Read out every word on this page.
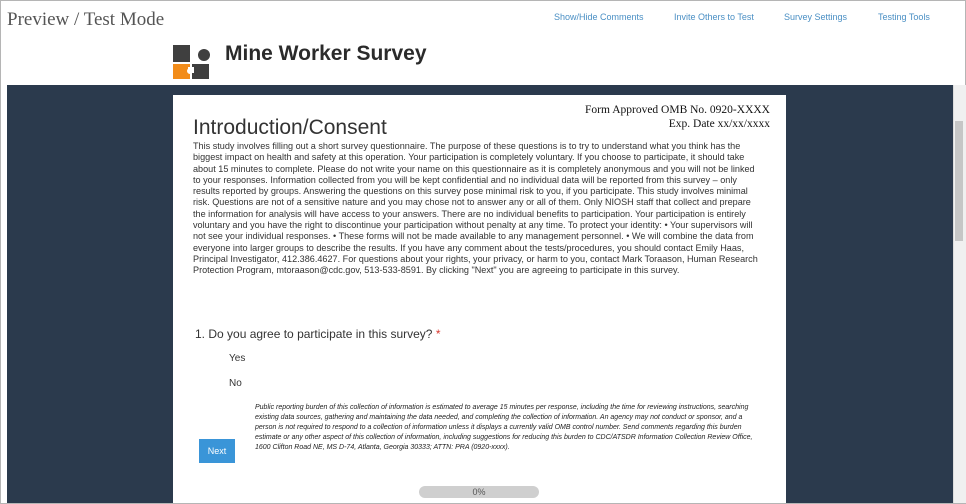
Preview / Test Mode	Show/Hide Comments	Invite Others to Test	Survey Settings	Testing Tools
Mine Worker Survey
Form Approved OMB No. 0920-XXXX
Exp. Date xx/xx/xxxx
Introduction/Consent
This study involves filling out a short survey questionnaire. The purpose of these questions is to try to understand what you think has the biggest impact on health and safety at this operation. Your participation is completely voluntary. If you choose to participate, it should take about 15 minutes to complete. Please do not write your name on this questionnaire as it is completely anonymous and you will not be linked to your responses. Information collected from you will be kept confidential and no individual data will be reported from this survey – only results reported by groups. Answering the questions on this survey pose minimal risk to you, if you participate. This study involves minimal risk. Questions are not of a sensitive nature and you may chose not to answer any or all of them. Only NIOSH staff that collect and prepare the information for analysis will have access to your answers. There are no individual benefits to participation. Your participation is entirely voluntary and you have the right to discontinue your participation without penalty at any time. To protect your identity: • Your supervisors will not see your individual responses. • These forms will not be made available to any management personnel. • We will combine the data from everyone into larger groups to describe the results. If you have any comment about the tests/procedures, you should contact Emily Haas, Principal Investigator, 412.386.4627. For questions about your rights, your privacy, or harm to you, contact Mark Toraason, Human Research Protection Program, mtoraason@cdc.gov, 513-533-8591. By clicking "Next" you are agreeing to participate in this survey.
1. Do you agree to participate in this survey? *
Yes
No
Public reporting burden of this collection of information is estimated to average 15 minutes per response, including the time for reviewing instructions, searching existing data sources, gathering and maintaining the data needed, and completing the collection of information. An agency may not conduct or sponsor, and a person is not required to respond to a collection of information unless it displays a currently valid OMB control number. Send comments regarding this burden estimate or any other aspect of this collection of information, including suggestions for reducing this burden to CDC/ATSDR Information Collection Review Office, 1600 Clifton Road NE, MS D-74, Atlanta, Georgia 30333; ATTN: PRA (0920-xxxx).
Next
0%
